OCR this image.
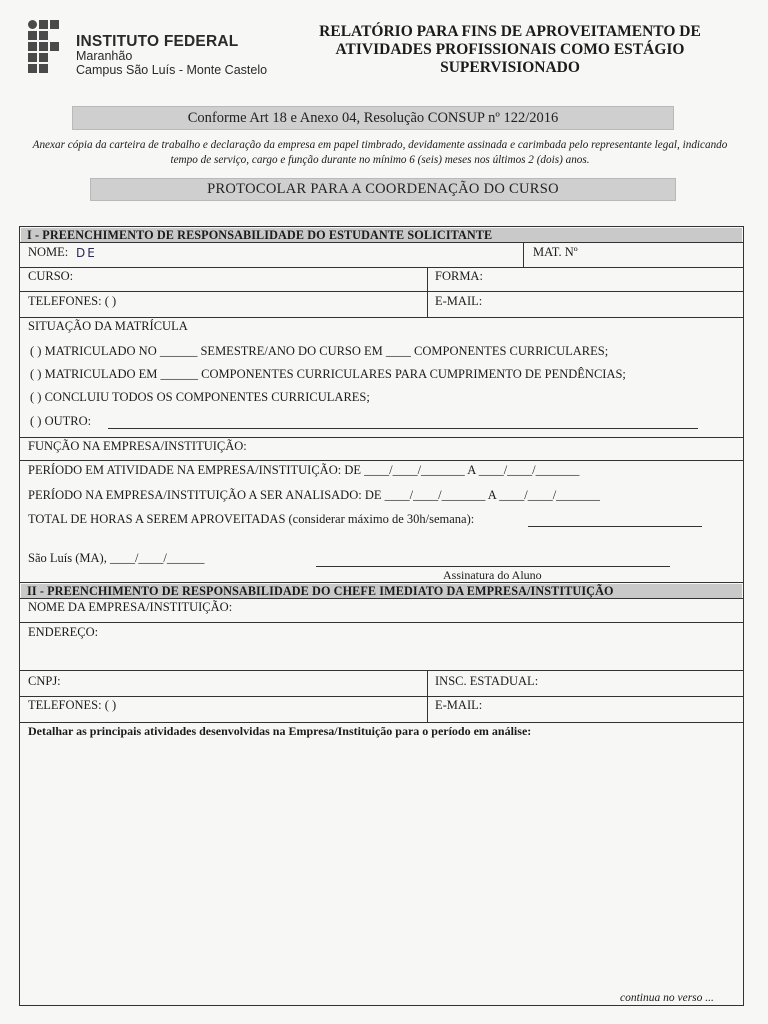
INSTITUTO FEDERAL
Maranhão
Campus São Luís - Monte Castelo
RELATÓRIO PARA FINS DE APROVEITAMENTO DE
ATIVIDADES PROFISSIONAIS COMO ESTÁGIO
SUPERVISIONADO
Conforme Art 18 e Anexo 04, Resolução CONSUP nº 122/2016
Anexar cópia da carteira de trabalho e declaração da empresa em papel timbrado, devidamente assinada e carimbada pelo representante legal, indicando tempo de serviço, cargo e função durante no mínimo 6 (seis) meses nos últimos 2 (dois) anos.
PROTOCOLAR PARA A COORDENAÇÃO DO CURSO
I - PREENCHIMENTO DE RESPONSABILIDADE DO ESTUDANTE SOLICITANTE
NOME: DE	MAT. Nº
CURSO:	FORMA:
TELEFONES: ( )	E-MAIL:
SITUAÇÃO DA MATRÍCULA
( ) MATRICULADO NO ______ SEMESTRE/ANO DO CURSO EM ____ COMPONENTES CURRICULARES;
( ) MATRICULADO EM ______ COMPONENTES CURRICULARES PARA CUMPRIMENTO DE PENDÊNCIAS;
( ) CONCLUIU TODOS OS COMPONENTES CURRICULARES;
( ) OUTRO:
FUNÇÃO NA EMPRESA/INSTITUIÇÃO:
PERÍODO EM ATIVIDADE NA EMPRESA/INSTITUIÇÃO: DE ____/____/_______ A ____/____/_______
PERÍODO NA EMPRESA/INSTITUIÇÃO A SER ANALISADO: DE ____/____/_______ A ____/____/_______
TOTAL DE HORAS A SEREM APROVEITADAS (considerar máximo de 30h/semana):
São Luís (MA), ____/____/______
Assinatura do Aluno
II - PREENCHIMENTO DE RESPONSABILIDADE DO CHEFE IMEDIATO DA EMPRESA/INSTITUIÇÃO
NOME DA EMPRESA/INSTITUIÇÃO:
ENDEREÇO:
CNPJ:	INSC. ESTADUAL:
TELEFONES: ( )	E-MAIL:
Detalhar as principais atividades desenvolvidas na Empresa/Instituição para o período em análise:
continua no verso ...
